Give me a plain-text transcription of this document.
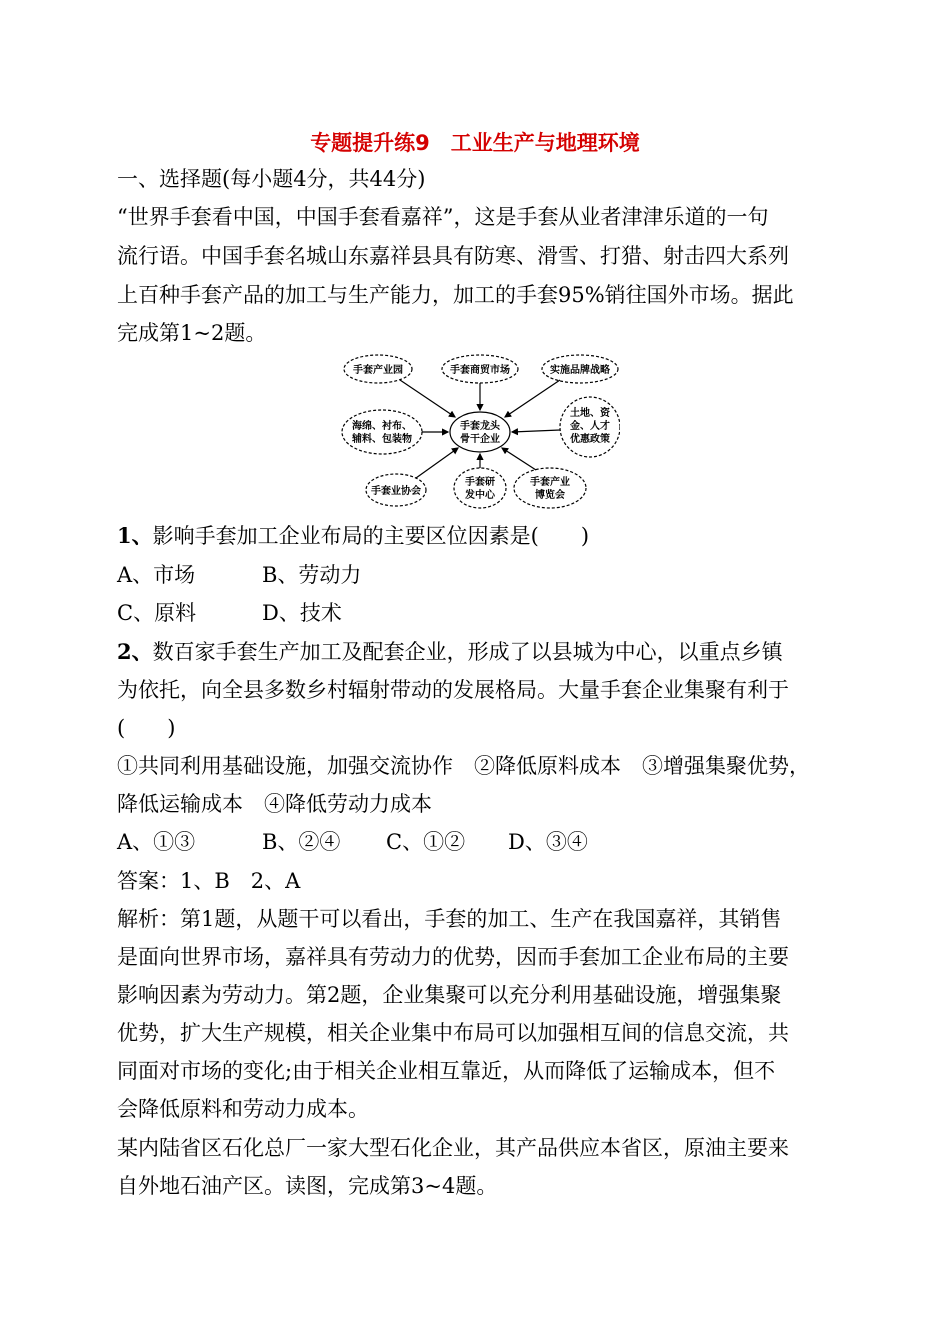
专题提升练9　工业生产与地理环境
一、选择题(每小题4分，共44分)
“世界手套看中国，中国手套看嘉祥”，这是手套从业者津津乐道的一句
流行语。中国手套名城山东嘉祥县具有防寒、滑雪、打猎、射击四大系列
上百种手套产品的加工与生产能力，加工的手套95%销往国外市场。据此
完成第1~2题。
手套龙头
骨干企业
手套产业园	手套商贸市场	实施品牌战略
海绵、衬布、
辅料、包装物
土地、资
金、人才
优惠政策
手套业协会
手套研
发中心
手套产业
博览会
1、影响手套加工企业布局的主要区位因素是(　　)
A、市场	B、劳动力
C、原料	D、技术
2、数百家手套生产加工及配套企业，形成了以县城为中心，以重点乡镇
为依托，向全县多数乡村辐射带动的发展格局。大量手套企业集聚有利于
(　　)
①共同利用基础设施，加强交流协作　②降低原料成本　③增强集聚优势，
降低运输成本　④降低劳动力成本
A、①③	B、②④ C、①② D、③④
答案：1、B　2、A
解析：第1题，从题干可以看出，手套的加工、生产在我国嘉祥，其销售
是面向世界市场，嘉祥具有劳动力的优势，因而手套加工企业布局的主要
影响因素为劳动力。第2题，企业集聚可以充分利用基础设施，增强集聚
优势，扩大生产规模，相关企业集中布局可以加强相互间的信息交流，共
同面对市场的变化;由于相关企业相互靠近，从而降低了运输成本，但不
会降低原料和劳动力成本。
某内陆省区石化总厂一家大型石化企业，其产品供应本省区，原油主要来
自外地石油产区。读图，完成第3~4题。
